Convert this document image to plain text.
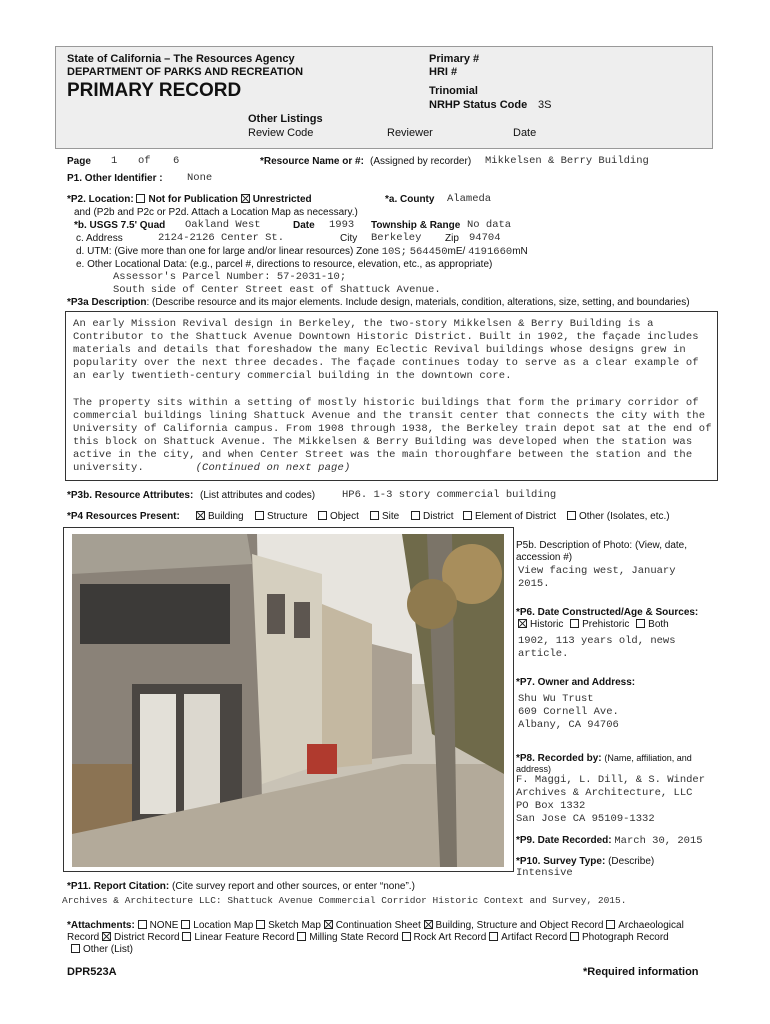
State of California – The Resources Agency
DEPARTMENT OF PARKS AND RECREATION
PRIMARY RECORD
Primary #
HRI #
Trinomial
NRHP Status Code 3S
Other Listings
Review Code	Reviewer	Date
Page 1 of 6	*Resource Name or #: (Assigned by recorder) Mikkelsen & Berry Building
P1. Other Identifier : None
*P2. Location: Not for Publication Unrestricted	*a. County Alameda
and (P2b and P2c or P2d. Attach a Location Map as necessary.)
*b. USGS 7.5' Quad Oakland West	Date 1993 Township & Range No data
c. Address	2124-2126 Center St.	City Berkeley Zip 94704
d. UTM: (Give more than one for large and/or linear resources) Zone 10S; 564450mE/ 4191660mN
e. Other Locational Data: (e.g., parcel #, directions to resource, elevation, etc., as appropriate)
Assessor's Parcel Number: 57-2031-10;
South side of Center Street east of Shattuck Avenue.
*P3a Description: (Describe resource and its major elements. Include design, materials, condition, alterations, size, setting, and boundaries)
An early Mission Revival design in Berkeley, the two-story Mikkelsen & Berry Building is a Contributor to the Shattuck Avenue Downtown Historic District. Built in 1902, the façade includes materials and details that foreshadow the many Eclectic Revival buildings whose designs grew in popularity over the next three decades. The façade continues today to serve as a clear example of an early twentieth-century commercial building in the downtown core.
The property sits within a setting of mostly historic buildings that form the primary corridor of commercial buildings lining Shattuck Avenue and the transit center that connects the city with the University of California campus. From 1908 through 1938, the Berkeley train depot sat at the end of this block on Shattuck Avenue. The Mikkelsen & Berry Building was developed when the station was active in the city, and when Center Street was the main thoroughfare between the station and the university.	(Continued on next page)
*P3b. Resource Attributes: (List attributes and codes)	HP6. 1-3 story commercial building
*P4 Resources Present:	Building	Structure	Object	Site	District	Element of District	Other (Isolates, etc.)
P5b. Description of Photo: (View, date,
accession #)
View facing west, January
2015.
*P6. Date Constructed/Age & Sources:
Historic Prehistoric Both
1902, 113 years old, news
article.
*P7. Owner and Address:
Shu Wu Trust
609 Cornell Ave.
Albany, CA 94706
*P8. Recorded by: (Name, affiliation, and
address)
F. Maggi, L. Dill, & S. Winder
Archives & Architecture, LLC
PO Box 1332
San Jose CA 95109-1332
*P9. Date Recorded: March 30, 2015
*P10. Survey Type: (Describe)
Intensive
*P11. Report Citation: (Cite survey report and other sources, or enter “none”.)
Archives & Architecture LLC: Shattuck Avenue Commercial Corridor Historic Context and Survey, 2015.
*Attachments: NONE Location Map Sketch Map Continuation Sheet Building, Structure and Object Record Archaeological
Record District Record Linear Feature Record Milling State Record Rock Art Record Artifact Record Photograph Record
Other (List)
DPR523A	*Required information
